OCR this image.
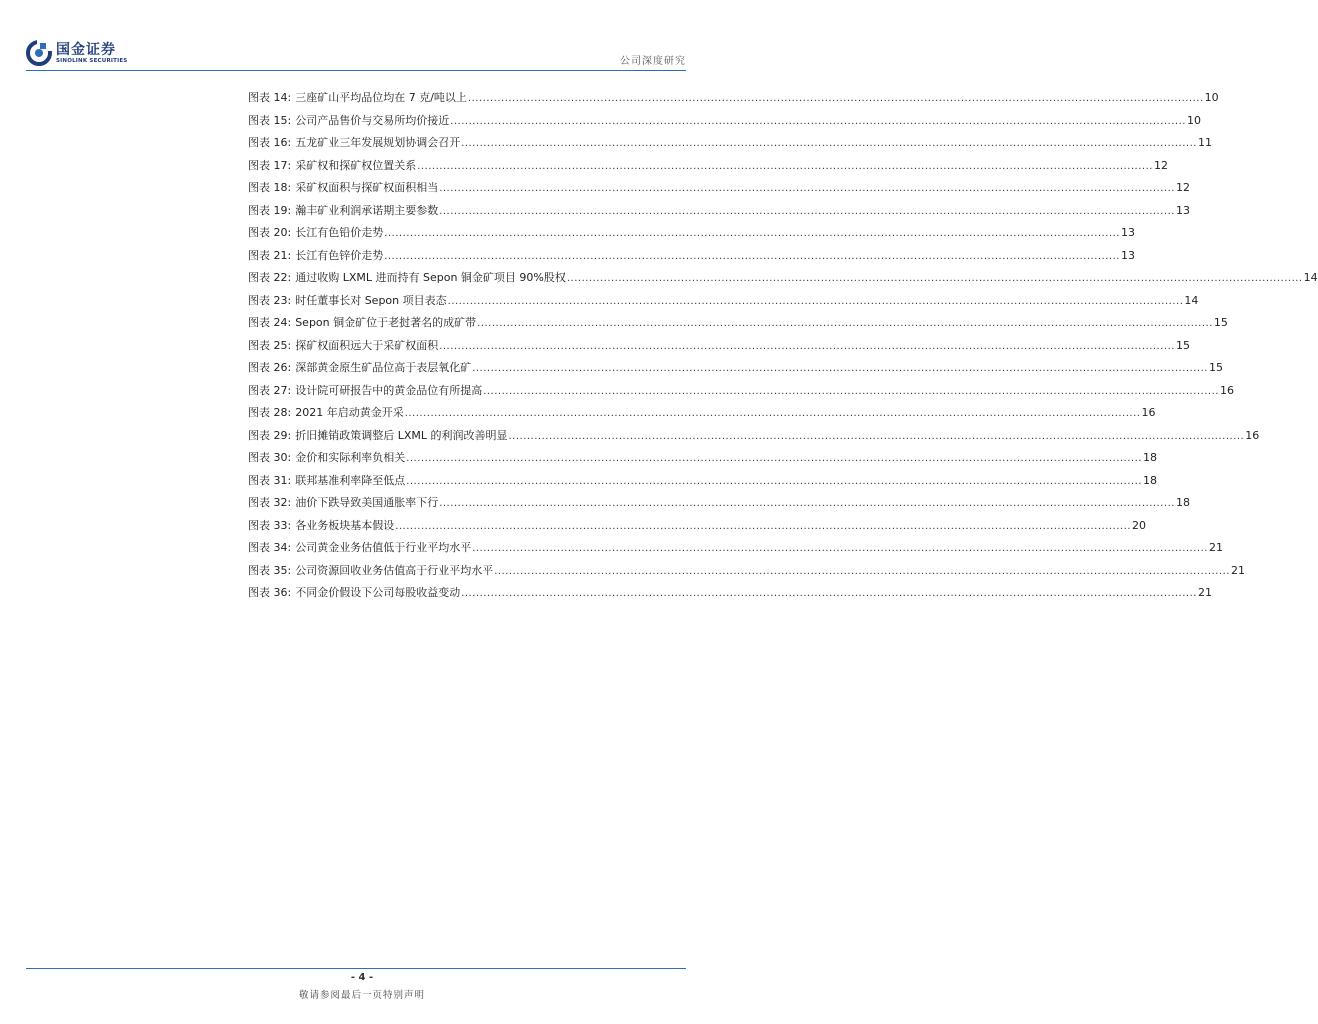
国金证券
SINOLINK SECURITIES	公司深度研究
图表 14: 三座矿山平均品位均在 7 克/吨以上 ........................................................................................................................................................................................................ 10
图表 15: 公司产品售价与交易所均价接近 ........................................................................................................................................................................................................ 10
图表 16: 五龙矿业三年发展规划协调会召开 ........................................................................................................................................................................................................ 11
图表 17: 采矿权和探矿权位置关系 ........................................................................................................................................................................................................ 12
图表 18: 采矿权面积与探矿权面积相当 ........................................................................................................................................................................................................ 12
图表 19: 瀚丰矿业利润承诺期主要参数 ........................................................................................................................................................................................................ 13
图表 20: 长江有色铅价走势 ........................................................................................................................................................................................................ 13
图表 21: 长江有色锌价走势 ........................................................................................................................................................................................................ 13
图表 22: 通过收购 LXML 进而持有 Sepon 铜金矿项目 90%股权 ........................................................................................................................................................................................................ 14
图表 23: 时任董事长对 Sepon 项目表态 ........................................................................................................................................................................................................ 14
图表 24: Sepon 铜金矿位于老挝著名的成矿带 ........................................................................................................................................................................................................ 15
图表 25: 探矿权面积远大于采矿权面积 ........................................................................................................................................................................................................ 15
图表 26: 深部黄金原生矿品位高于表层氧化矿 ........................................................................................................................................................................................................ 15
图表 27: 设计院可研报告中的黄金品位有所提高 ........................................................................................................................................................................................................ 16
图表 28: 2021 年启动黄金开采 ........................................................................................................................................................................................................ 16
图表 29: 折旧摊销政策调整后 LXML 的利润改善明显 ........................................................................................................................................................................................................ 16
图表 30: 金价和实际利率负相关 ........................................................................................................................................................................................................ 18
图表 31: 联邦基准利率降至低点 ........................................................................................................................................................................................................ 18
图表 32: 油价下跌导致美国通胀率下行 ........................................................................................................................................................................................................ 18
图表 33: 各业务板块基本假设 ........................................................................................................................................................................................................ 20
图表 34: 公司黄金业务估值低于行业平均水平 ........................................................................................................................................................................................................ 21
图表 35: 公司资源回收业务估值高于行业平均水平 ........................................................................................................................................................................................................ 21
图表 36: 不同金价假设下公司每股收益变动 ........................................................................................................................................................................................................ 21
- 4 -
敬请参阅最后一页特别声明
